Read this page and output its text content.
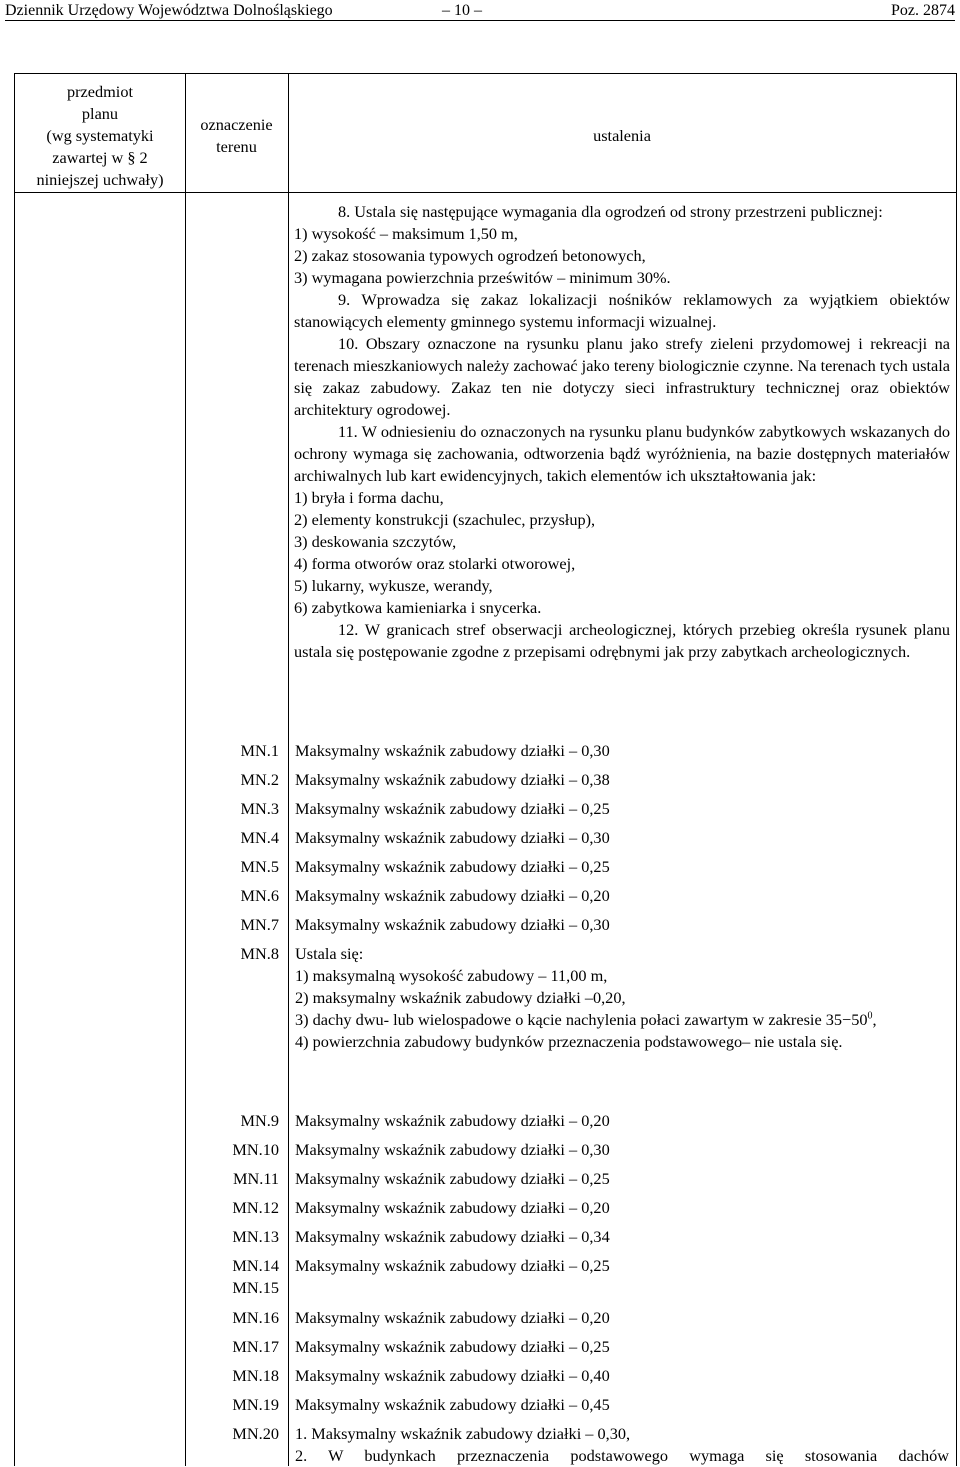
Dziennik Urzędowy Województwa Dolnośląskiego	– 10 –	Poz. 2874
przedmiot
planu
(wg systematyki
zawartej w § 2
niniejszej uchwały)
oznaczenie
terenu
ustalenia

8. Ustala się następujące wymagania dla ogrodzeń od strony przestrzeni publicznej:

1) wysokość – maksimum 1,50 m,

2) zakaz stosowania typowych ogrodzeń betonowych,

3) wymagana powierzchnia prześwitów – minimum 30%.

9. Wprowadza się zakaz lokalizacji nośników reklamowych za wyjątkiem obiektów stanowiących elementy gminnego systemu informacji wizualnej.

10. Obszary oznaczone na rysunku planu jako strefy zieleni przydomowej i rekreacji na terenach mieszkaniowych należy zachować jako tereny biologicznie czynne. Na terenach tych ustala się zakaz zabudowy. Zakaz ten nie dotyczy sieci infrastruktury technicznej oraz obiektów architektury ogrodowej.

11. W odniesieniu do oznaczonych na rysunku planu budynków zabytkowych wskazanych do ochrony wymaga się zachowania, odtworzenia bądź wyróżnienia, na bazie dostępnych materiałów archiwalnych lub kart ewidencyjnych, takich elementów ich ukształtowania jak:

1) bryła i forma dachu,

2) elementy konstrukcji (szachulec, przysłup),

3) deskowania szczytów,

4) forma otworów oraz stolarki otworowej,

5) lukarny, wykusze, werandy,

6) zabytkowa kamieniarka i snycerka.

12. W granicach stref obserwacji archeologicznej, których przebieg określa rysunek planu ustala się postępowanie zgodne z przepisami odrębnymi jak przy zabytkach archeologicznych.

MN.1 Maksymalny wskaźnik zabudowy działki – 0,30
MN.2 Maksymalny wskaźnik zabudowy działki – 0,38
MN.3 Maksymalny wskaźnik zabudowy działki – 0,25
MN.4 Maksymalny wskaźnik zabudowy działki – 0,30
MN.5 Maksymalny wskaźnik zabudowy działki – 0,25
MN.6 Maksymalny wskaźnik zabudowy działki – 0,20
MN.7 Maksymalny wskaźnik zabudowy działki – 0,30
MN.8 Ustala się:

1) maksymalną wysokość zabudowy – 11,00 m,

2) maksymalny wskaźnik zabudowy działki –0,20,

3) dachy dwu- lub wielospadowe o kącie nachylenia połaci zawartym w zakresie $35-50^0$,

4) powierzchnia zabudowy budynków przeznaczenia podstawowego– nie ustala się.

MN.9 Maksymalny wskaźnik zabudowy działki – 0,20
MN.10 Maksymalny wskaźnik zabudowy działki – 0,30
MN.11 Maksymalny wskaźnik zabudowy działki – 0,25
MN.12 Maksymalny wskaźnik zabudowy działki – 0,20
MN.13 Maksymalny wskaźnik zabudowy działki – 0,34
MN.14
MN.15
Maksymalny wskaźnik zabudowy działki – 0,25
MN.16 Maksymalny wskaźnik zabudowy działki – 0,20
MN.17 Maksymalny wskaźnik zabudowy działki – 0,25
MN.18 Maksymalny wskaźnik zabudowy działki – 0,40
MN.19 Maksymalny wskaźnik zabudowy działki – 0,45
MN.20 1. Maksymalny wskaźnik zabudowy działki – 0,30,

2. W budynkach przeznaczenia podstawowego wymaga się stosowania dachów
